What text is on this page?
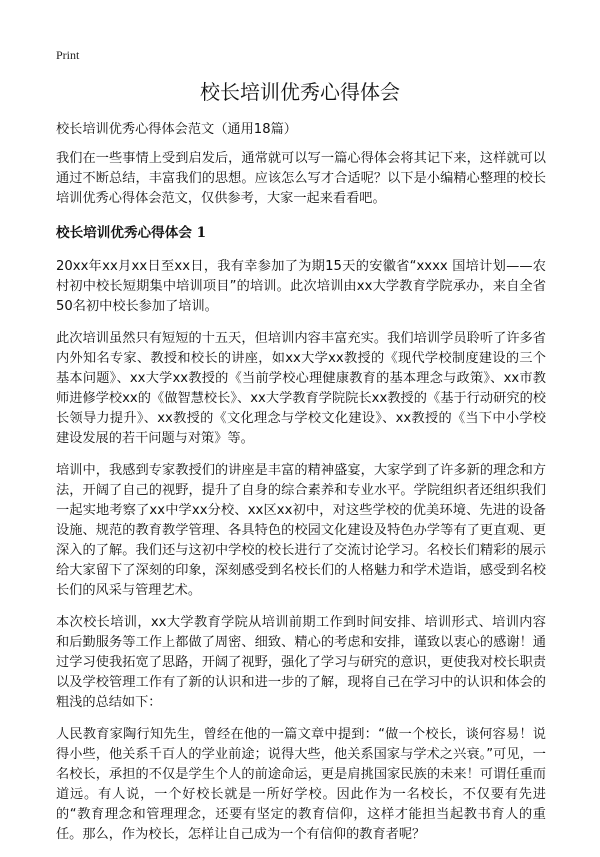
Print
校长培训优秀心得体会

校长培训优秀心得体会范文（通用18篇）

我们在一些事情上受到启发后，通常就可以写一篇心得体会将其记下来，这样就可以通过不断总结，丰富我们的思想。应该怎么写才合适呢？以下是小编精心整理的校长培训优秀心得体会范文，仅供参考，大家一起来看看吧。

校长培训优秀心得体会 1

20xx年xx月xx日至xx日，我有幸参加了为期15天的安徽省“xxxx 国培计划——农村初中校长短期集中培训项目”的培训。此次培训由xx大学教育学院承办，来自全省50名初中校长参加了培训。

此次培训虽然只有短短的十五天，但培训内容丰富充实。我们培训学员聆听了许多省内外知名专家、教授和校长的讲座，如xx大学xx教授的《现代学校制度建设的三个基本问题》、xx大学xx教授的《当前学校心理健康教育的基本理念与政策》、xx市教师进修学校xx的《做智慧校长》、xx大学教育学院院长xx教授的《基于行动研究的校长领导力提升》、xx教授的《文化理念与学校文化建设》、xx教授的《当下中小学校建设发展的若干问题与对策》等。

培训中，我感到专家教授们的讲座是丰富的精神盛宴，大家学到了许多新的理念和方法，开阔了自己的视野，提升了自身的综合素养和专业水平。学院组织者还组织我们一起实地考察了xx中学xx分校、xx区xx初中，对这些学校的优美环境、先进的设备设施、规范的教育教学管理、各具特色的校园文化建设及特色办学等有了更直观、更深入的了解。我们还与这初中学校的校长进行了交流讨论学习。名校长们精彩的展示给大家留下了深刻的印象，深刻感受到名校长们的人格魅力和学术造诣，感受到名校长们的风采与管理艺术。

本次校长培训，xx大学教育学院从培训前期工作到时间安排、培训形式、培训内容和后勤服务等工作上都做了周密、细致、精心的考虑和安排，谨致以衷心的感谢！通过学习使我拓宽了思路，开阔了视野，强化了学习与研究的意识，更使我对校长职责以及学校管理工作有了新的认识和进一步的了解，现将自己在学习中的认识和体会的粗浅的总结如下：

人民教育家陶行知先生，曾经在他的一篇文章中提到：“做一个校长，谈何容易！说得小些，他关系千百人的学业前途；说得大些，他关系国家与学术之兴衰。”可见，一名校长，承担的不仅是学生个人的前途命运，更是肩挑国家民族的未来！可谓任重而道远。有人说，一个好校长就是一所好学校。因此作为一名校长，不仅要有先进的“教育理念和管理理念，还要有坚定的教育信仰，这样才能担当起教书育人的重任。那么，作为校长，怎样让自己成为一个有信仰的教育者呢？
